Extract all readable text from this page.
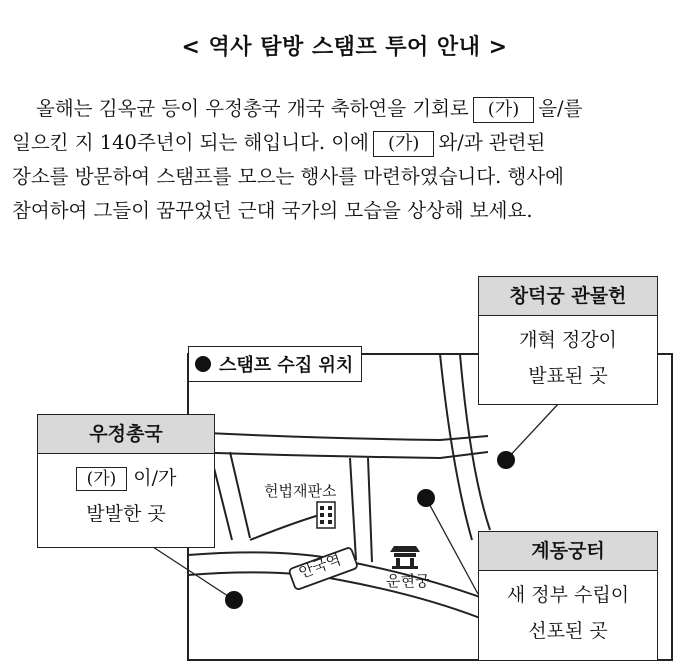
< 역사 탐방 스탬프 투어 안내 >
올해는 김옥균 등이 우정총국 개국 축하연을 기회로 (가) 을/를
일으킨 지 140주년이 되는 해입니다. 이에 (가) 와/과 관련된
장소를 방문하여 스탬프를 모으는 행사를 마련하였습니다. 행사에
참여하여 그들이 꿈꾸었던 근대 국가의 모습을 상상해 보세요.
헌법재판소
안국역	운현궁
스탬프 수집 위치
창덕궁 관물헌
개혁 정강이
발표된 곳
우정총국
(가) 이/가
발발한 곳
계동궁터
새 정부 수립이
선포된 곳
